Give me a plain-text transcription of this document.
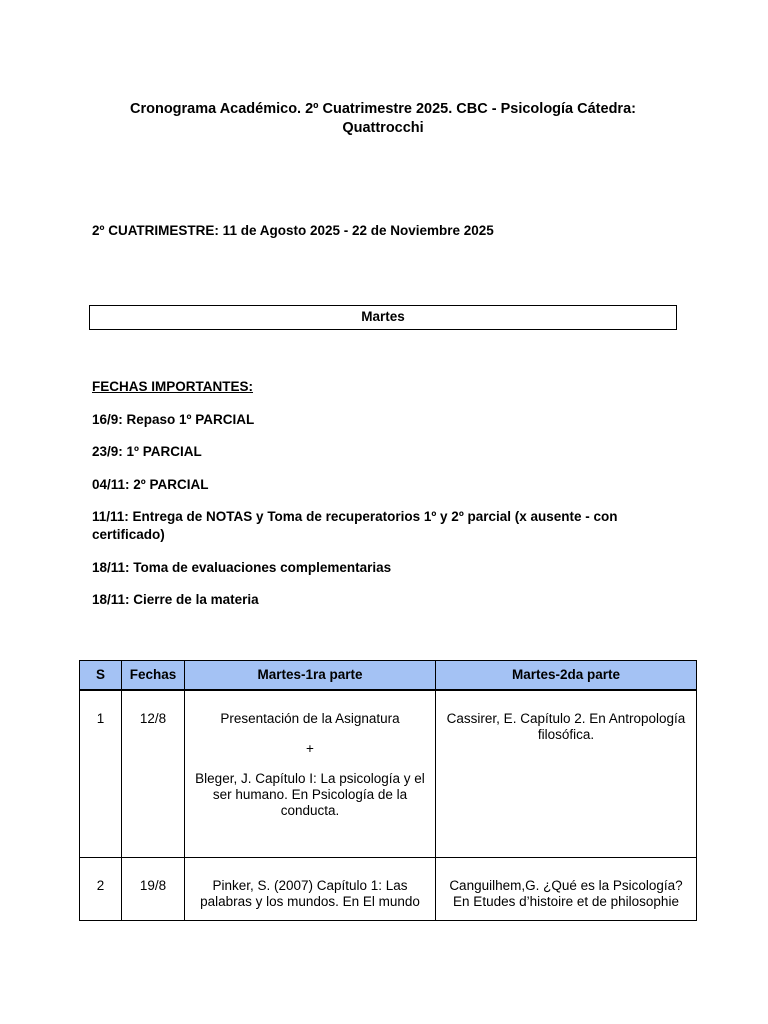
Cronograma Académico. 2º Cuatrimestre 2025. CBC - Psicología Cátedra: Quattrocchi
2º CUATRIMESTRE: 11 de Agosto 2025 - 22 de Noviembre 2025
Martes
FECHAS IMPORTANTES:
16/9: Repaso 1º PARCIAL
23/9: 1º PARCIAL
04/11: 2º PARCIAL
11/11: Entrega de NOTAS y Toma de recuperatorios 1º y 2º parcial (x ausente - con certificado)
18/11: Toma de evaluaciones complementarias
18/11: Cierre de la materia
S	Fechas	Martes-1ra parte	Martes-2da parte
1	12/8	Presentación de la Asignatura
+
Bleger, J. Capítulo I: La psicología y el ser humano. En Psicología de la conducta.	Cassirer, E. Capítulo 2. En Antropología filosófica.
2	19/8	Pinker, S. (2007) Capítulo 1: Las palabras y los mundos. En El mundo	Canguilhem,G. ¿Qué es la Psicología? En Etudes d’histoire et de philosophie
